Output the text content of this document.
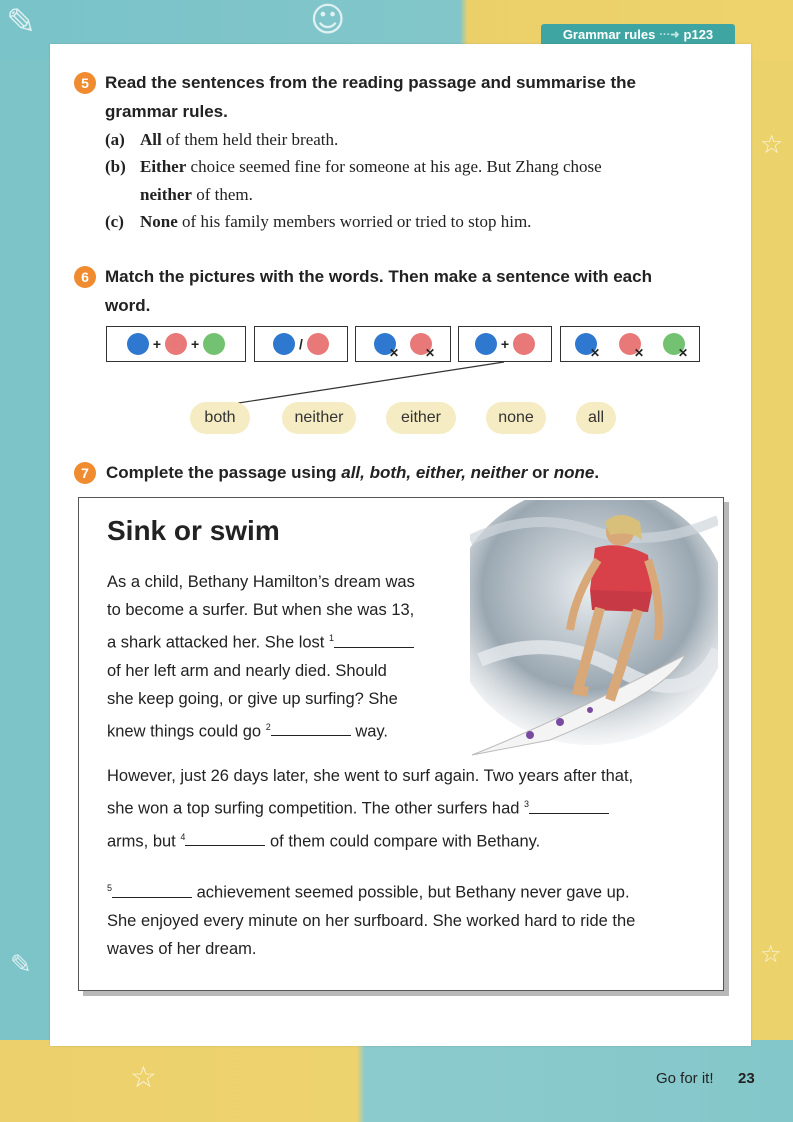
✎	☺
☆
☆
☆
✎
Grammar rules ···➜ p123
5 Read the sentences from the reading passage and summarise the
grammar rules.
(a) All of them held their breath.
(b) Either choice seemed fine for someone at his age. But Zhang chose
neither of them.
(c) None of his family members worried or tried to stop him.
6 Match the pictures with the words. Then make a sentence with each
word.
+ +	/
✕ ✕
+
✕	✕	✕
both	neither	either	none	all
7	Complete the passage using all, both, either, neither or none.
Sink or swim
As a child, Bethany Hamilton’s dream was
to become a surfer. But when she was 13,
a shark attacked her. She lost $^1$
of her left arm and nearly died. Should
she keep going, or give up surfing? She
knew things could go $^2$	way.
However, just 26 days later, she went to surf again. Two years after that,
she won a top surfing competition. The other surfers had $^3$
arms, but $^4$	of them could compare with Bethany.
$^5$	achievement seemed possible, but Bethany never gave up.
She enjoyed every minute on her surfboard. She worked hard to ride the
waves of her dream.
Go for it! 23
